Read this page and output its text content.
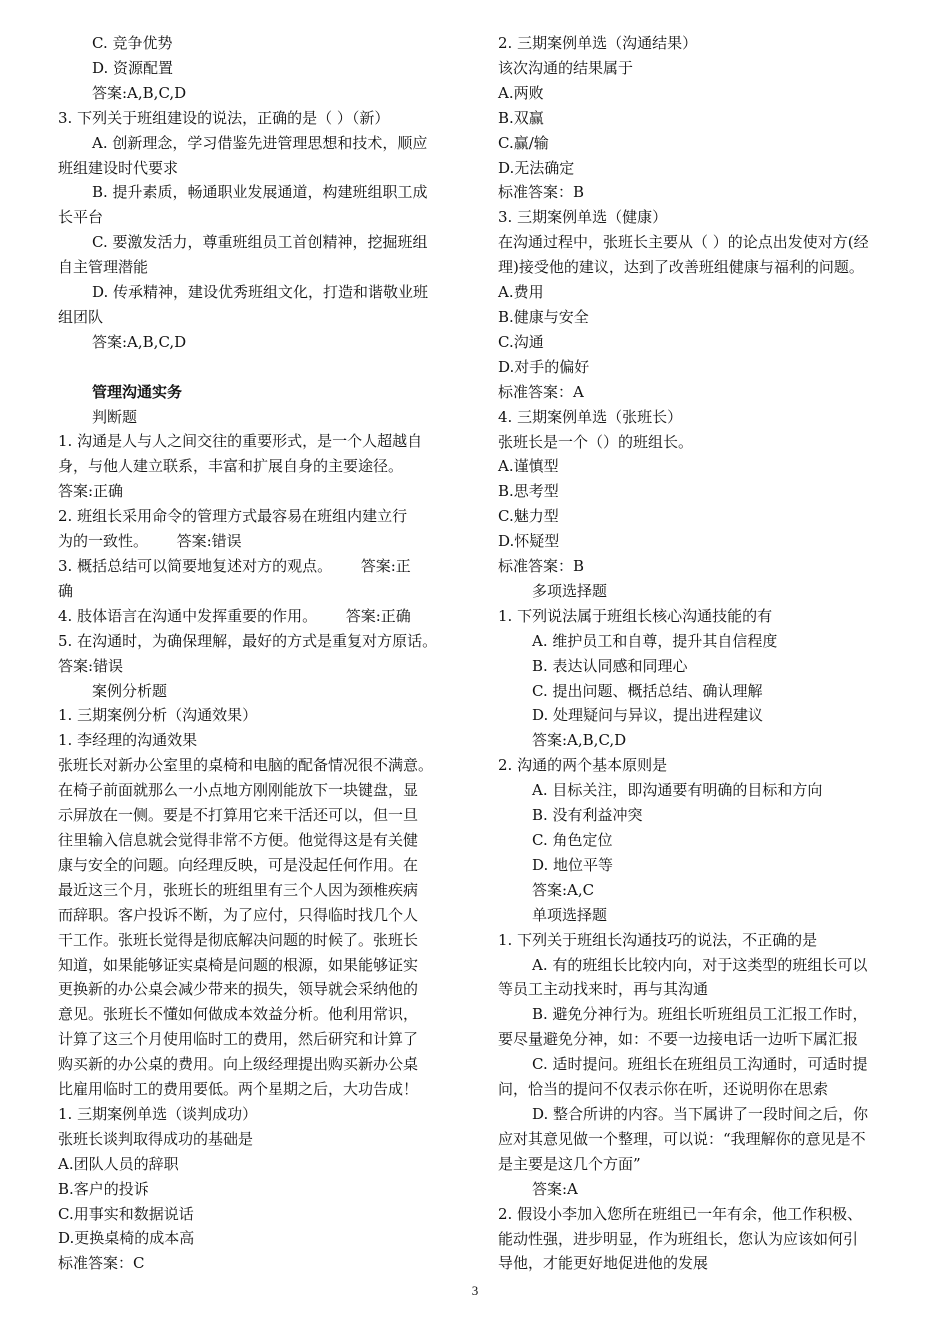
C. 竞争优势
D. 资源配置
答案:A,B,C,D
3. 下列关于班组建设的说法，正确的是（ ）（新）
A. 创新理念，学习借鉴先进管理思想和技术，顺应
班组建设时代要求
B. 提升素质，畅通职业发展通道，构建班组职工成
长平台
C. 要激发活力，尊重班组员工首创精神，挖掘班组
自主管理潜能
D. 传承精神，建设优秀班组文化，打造和谐敬业班
组团队
答案:A,B,C,D
管理沟通实务
判断题
1. 沟通是人与人之间交往的重要形式，是一个人超越自
身，与他人建立联系，丰富和扩展自身的主要途径。
答案:正确
2. 班组长采用命令的管理方式最容易在班组内建立行
为的一致性。      答案:错误
3. 概括总结可以简要地复述对方的观点。      答案:正
确
4. 肢体语言在沟通中发挥重要的作用。      答案:正确
5. 在沟通时，为确保理解，最好的方式是重复对方原话。
答案:错误
案例分析题
1. 三期案例分析（沟通效果）
1. 李经理的沟通效果
张班长对新办公室里的桌椅和电脑的配备情况很不满意。
在椅子前面就那么一小点地方刚刚能放下一块键盘，显
示屏放在一侧。要是不打算用它来干活还可以，但一旦
往里输入信息就会觉得非常不方便。他觉得这是有关健
康与安全的问题。向经理反映，可是没起任何作用。在
最近这三个月，张班长的班组里有三个人因为颈椎疾病
而辞职。客户投诉不断，为了应付，只得临时找几个人
干工作。张班长觉得是彻底解决问题的时候了。张班长
知道，如果能够证实桌椅是问题的根源，如果能够证实
更换新的办公桌会减少带来的损失，领导就会采纳他的
意见。张班长不懂如何做成本效益分析。他利用常识，
计算了这三个月使用临时工的费用，然后研究和计算了
购买新的办公桌的费用。向上级经理提出购买新办公桌
比雇用临时工的费用要低。两个星期之后，大功告成！
1. 三期案例单选（谈判成功）
张班长谈判取得成功的基础是
A.团队人员的辞职
B.客户的投诉
C.用事实和数据说话
D.更换桌椅的成本高
标准答案：C
2. 三期案例单选（沟通结果）
该次沟通的结果属于
A.两败
B.双赢
C.赢/输
D.无法确定
标准答案：B
3. 三期案例单选（健康）
在沟通过程中，张班长主要从（ ）的论点出发使对方(经
理)接受他的建议，达到了改善班组健康与福利的问题。
A.费用
B.健康与安全
C.沟通
D.对手的偏好
标准答案：A
4. 三期案例单选（张班长）
张班长是一个（）的班组长。
A.谨慎型
B.思考型
C.魅力型
D.怀疑型
标准答案：B
多项选择题
1. 下列说法属于班组长核心沟通技能的有
A. 维护员工和自尊，提升其自信程度
B. 表达认同感和同理心
C. 提出问题、概括总结、确认理解
D. 处理疑问与异议，提出进程建议
答案:A,B,C,D
2. 沟通的两个基本原则是
A. 目标关注，即沟通要有明确的目标和方向
B. 没有利益冲突
C. 角色定位
D. 地位平等
答案:A,C
单项选择题
1. 下列关于班组长沟通技巧的说法，不正确的是
A. 有的班组长比较内向，对于这类型的班组长可以
等员工主动找来时，再与其沟通
B. 避免分神行为。班组长听班组员工汇报工作时，
要尽量避免分神，如：不要一边接电话一边听下属汇报
C. 适时提问。班组长在班组员工沟通时，可适时提
问，恰当的提问不仅表示你在听，还说明你在思索
D. 整合所讲的内容。当下属讲了一段时间之后，你
应对其意见做一个整理，可以说：“我理解你的意见是不
是主要是这几个方面”
答案:A
2. 假设小李加入您所在班组已一年有余，他工作积极、
能动性强，进步明显，作为班组长，您认为应该如何引
导他，才能更好地促进他的发展
3
